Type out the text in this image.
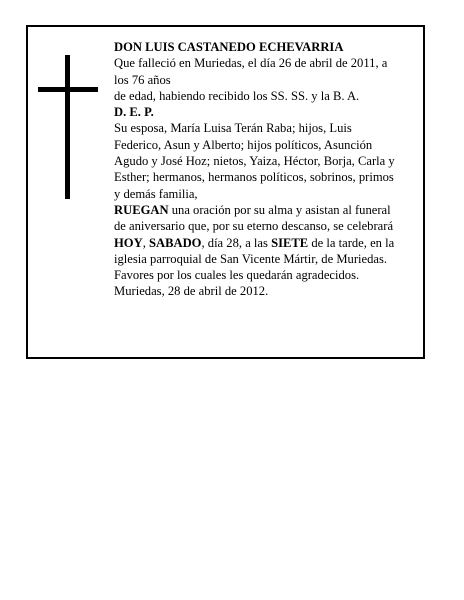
DON LUIS CASTANEDO ECHEVARRIA
Que falleció en Muriedas, el día 26 de abril de 2011, a
los 76 años
de edad, habiendo recibido los SS. SS. y la B. A.
D. E. P.
Su esposa, María Luisa Terán Raba; hijos, Luis
Federico, Asun y Alberto; hijos políticos, Asunción
Agudo y José Hoz; nietos, Yaiza, Héctor, Borja, Carla y
Esther; hermanos, hermanos políticos, sobrinos, primos
y demás familia,
RUEGAN una oración por su alma y asistan al funeral
de aniversario que, por su eterno descanso, se celebrará
HOY, SABADO, día 28, a las SIETE de la tarde, en la
iglesia parroquial de San Vicente Mártir, de Muriedas.
Favores por los cuales les quedarán agradecidos.
Muriedas, 28 de abril de 2012.
